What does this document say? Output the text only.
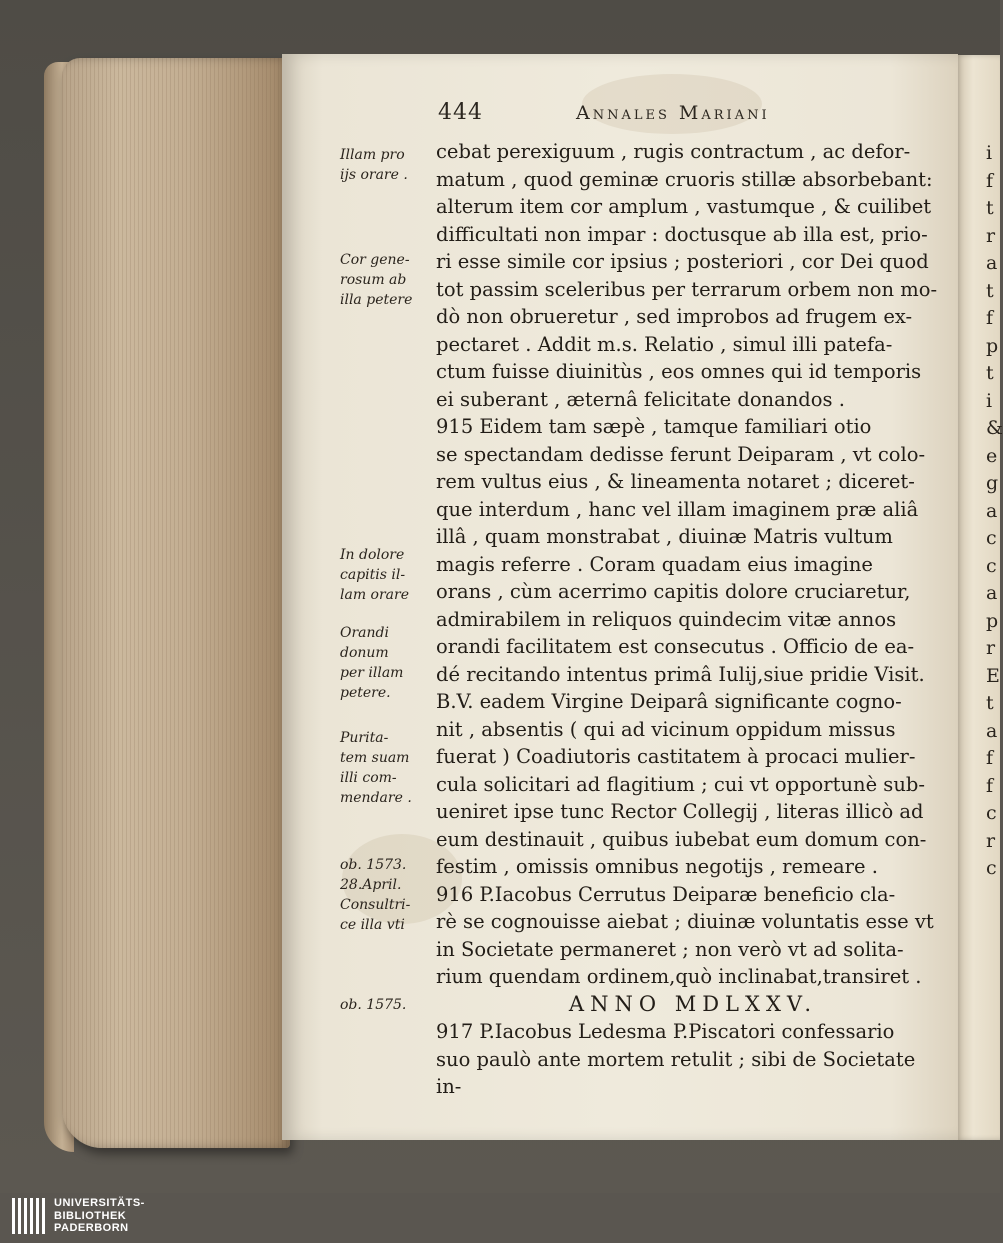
444	Annales Mariani
Illam pro
ijs orare .
Cor gene-
rosum ab
illa petere
In dolore
capitis il-
lam orare
Orandi
donum
per illam
petere.
Purita-
tem suam
illi com-
mendare .
ob. 1573.
28.April.
Consultri-
ce illa vti
ob. 1575.
cebat perexiguum , rugis contractum , ac defor-
matum , quod geminæ cruoris stillæ absorbebant:
alterum item cor amplum , vastumque , & cuilibet
difficultati non impar : doctusque ab illa est, prio-
ri esse simile cor ipsius ; posteriori , cor Dei quod
tot passim sceleribus per terrarum orbem non mo-
dò non obrueretur , sed improbos ad frugem ex-
pectaret . Addit m.s. Relatio , simul illi patefa-
ctum fuisse diuinitùs , eos omnes qui id temporis
ei suberant , æternâ felicitate donandos .
915 Eidem tam sæpè , tamque familiari otio
se spectandam dedisse ferunt Deiparam , vt colo-
rem vultus eius , & lineamenta notaret ; diceret-
que interdum , hanc vel illam imaginem præ aliâ
illâ , quam monstrabat , diuinæ Matris vultum
magis referre . Coram quadam eius imagine
orans , cùm acerrimo capitis dolore cruciaretur,
admirabilem in reliquos quindecim vitæ annos
orandi facilitatem est consecutus . Officio de ea-
dé recitando intentus primâ Iulij,siue pridie Visit.
B.V. eadem Virgine Deiparâ significante cogno-
nit , absentis ( qui ad vicinum oppidum missus
fuerat ) Coadiutoris castitatem à procaci mulier-
cula solicitari ad flagitium ; cui vt opportunè sub-
ueniret ipse tunc Rector Collegij , literas illicò ad
eum destinauit , quibus iubebat eum domum con-
festim , omissis omnibus negotijs , remeare .
916 P.Iacobus Cerrutus Deiparæ beneficio cla-
rè se cognouisse aiebat ; diuinæ voluntatis esse vt
in Societate permaneret ; non verò vt ad solita-
rium quendam ordinem,quò inclinabat,transiret .
ANNO MDLXXV.
917 P.Iacobus Ledesma P.Piscatori confessario
suo paulò ante mortem retulit ; sibi de Societate
in-
i
f
t
r
a
t
f
p
t
i
&
e
g
a
c
c
a
p
r
E
t
a
f
f
c
r
c
UNIVERSITÄTS-
BIBLIOTHEK
PADERBORN
